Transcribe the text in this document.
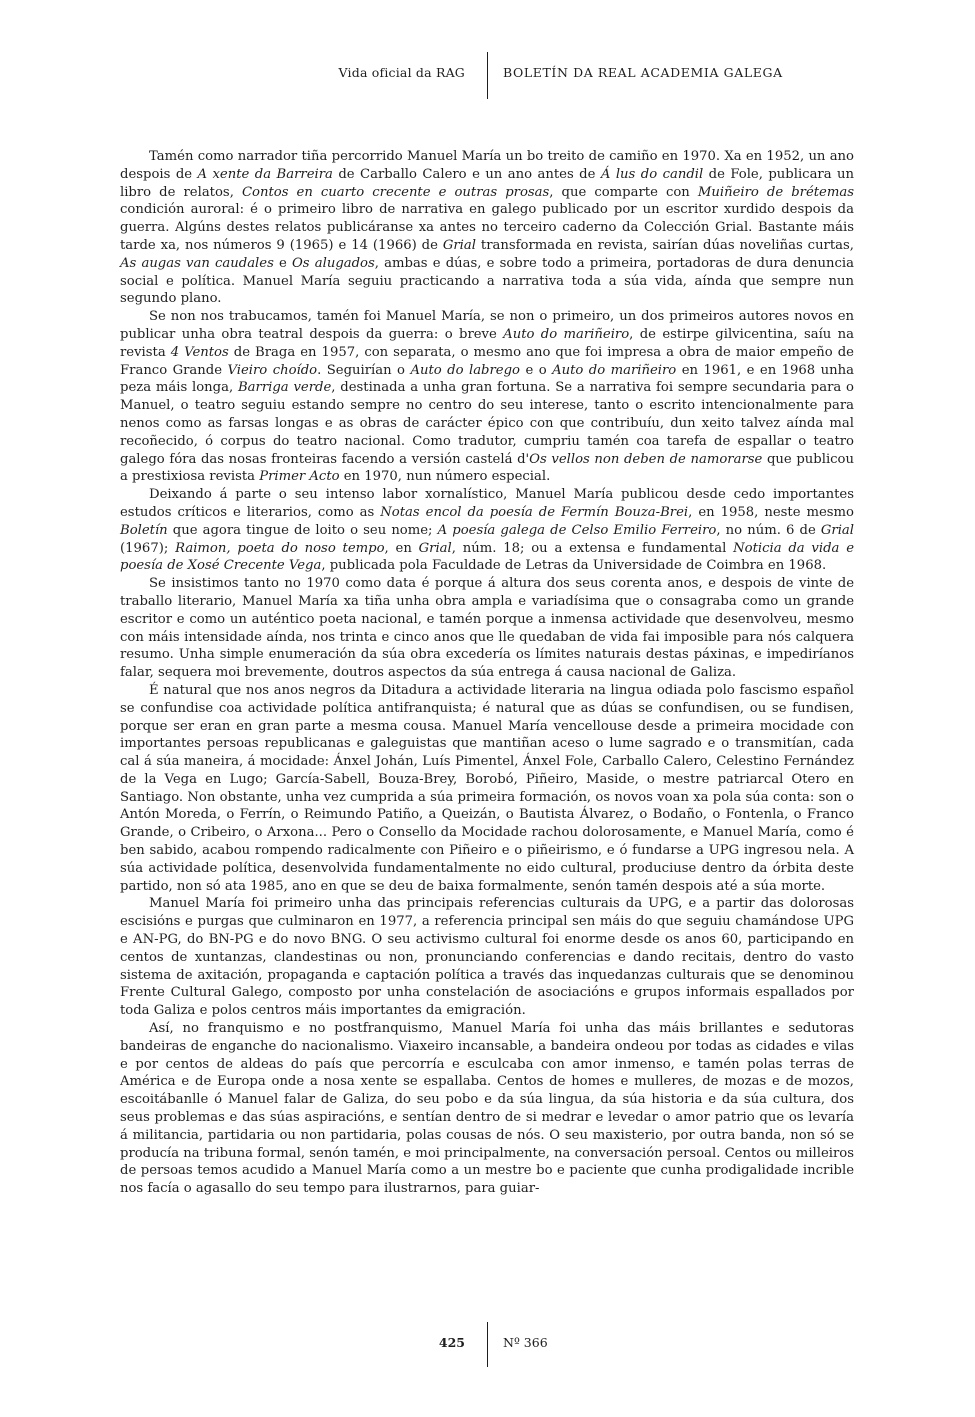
Vida oficial da RAG	BOLETÍN DA REAL ACADEMIA GALEGA

Tamén como narrador tiña percorrido Manuel María un bo treito de camiño en 1970. Xa en 1952, un ano despois de A xente da Barreira de Carballo Calero e un ano antes de Á lus do candil de Fole, publicara un libro de relatos, Contos en cuarto crecente e outras prosas, que comparte con Muiñeiro de brétemas condición auroral: é o primeiro libro de narrativa en galego publicado por un escritor xurdido despois da guerra. Algúns destes relatos publicáranse xa antes no terceiro caderno da Colección Grial. Bastante máis tarde xa, nos números 9 (1965) e 14 (1966) de Grial transformada en revista, sairían dúas noveliñas curtas, As augas van caudales e Os alugados, ambas e dúas, e sobre todo a primeira, portadoras de dura denuncia social e política. Manuel María seguiu practicando a narrativa toda a súa vida, aínda que sempre nun segundo plano.

Se non nos trabucamos, tamén foi Manuel María, se non o primeiro, un dos primeiros autores novos en publicar unha obra teatral despois da guerra: o breve Auto do mariñeiro, de estirpe gilvicentina, saíu na revista 4 Ventos de Braga en 1957, con separata, o mesmo ano que foi impresa a obra de maior empeño de Franco Grande Vieiro choído. Seguirían o Auto do labrego e o Auto do mariñeiro en 1961, e en 1968 unha peza máis longa, Barriga verde, destinada a unha gran fortuna. Se a narrativa foi sempre secundaria para o Manuel, o teatro seguiu estando sempre no centro do seu interese, tanto o escrito intencionalmente para nenos como as farsas longas e as obras de carácter épico con que contribuíu, dun xeito talvez aínda mal recoñecido, ó corpus do teatro nacional. Como tradutor, cumpriu tamén coa tarefa de espallar o teatro galego fóra das nosas fronteiras facendo a versión castelá d'Os vellos non deben de namorarse que publicou a prestixiosa revista Primer Acto en 1970, nun número especial.

Deixando á parte o seu intenso labor xornalístico, Manuel María publicou desde cedo importantes estudos críticos e literarios, como as Notas encol da poesía de Fermín Bouza-Brei, en 1958, neste mesmo Boletín que agora tingue de loito o seu nome; A poesía galega de Celso Emilio Ferreiro, no núm. 6 de Grial (1967); Raimon, poeta do noso tempo, en Grial, núm. 18; ou a extensa e fundamental Noticia da vida e poesía de Xosé Crecente Vega, publicada pola Faculdade de Letras da Universidade de Coimbra en 1968.

Se insistimos tanto no 1970 como data é porque á altura dos seus corenta anos, e despois de vinte de traballo literario, Manuel María xa tiña unha obra ampla e variadísima que o consagraba como un grande escritor e como un auténtico poeta nacional, e tamén porque a inmensa actividade que desenvolveu, mesmo con máis intensidade aínda, nos trinta e cinco anos que lle quedaban de vida fai imposible para nós calquera resumo. Unha simple enumeración da súa obra excedería os límites naturais destas páxinas, e impediríanos falar, sequera moi brevemente, doutros aspectos da súa entrega á causa nacional de Galiza.

É natural que nos anos negros da Ditadura a actividade literaria na lingua odiada polo fascismo español se confundise coa actividade política antifranquista; é natural que as dúas se confundisen, ou se fundisen, porque ser eran en gran parte a mesma cousa. Manuel María vencellouse desde a primeira mocidade con importantes persoas republicanas e galeguistas que mantiñan aceso o lume sagrado e o transmitían, cada cal á súa maneira, á mocidade: Ánxel Johán, Luís Pimentel, Ánxel Fole, Carballo Calero, Celestino Fernández de la Vega en Lugo; García-Sabell, Bouza-Brey, Borobó, Piñeiro, Maside, o mestre patriarcal Otero en Santiago. Non obstante, unha vez cumprida a súa primeira formación, os novos voan xa pola súa conta: son o Antón Moreda, o Ferrín, o Reimundo Patiño, a Queizán, o Bautista Álvarez, o Bodaño, o Fontenla, o Franco Grande, o Cribeiro, o Arxona... Pero o Consello da Mocidade rachou dolorosamente, e Manuel María, como é ben sabido, acabou rompendo radicalmente con Piñeiro e o piñeirismo, e ó fundarse a UPG ingresou nela. A súa actividade política, desenvolvida fundamentalmente no eido cultural, produciuse dentro da órbita deste partido, non só ata 1985, ano en que se deu de baixa formalmente, senón tamén despois até a súa morte.

Manuel María foi primeiro unha das principais referencias culturais da UPG, e a partir das dolorosas escisións e purgas que culminaron en 1977, a referencia principal sen máis do que seguiu chamándose UPG e AN-PG, do BN-PG e do novo BNG. O seu activismo cultural foi enorme desde os anos 60, participando en centos de xuntanzas, clandestinas ou non, pronunciando conferencias e dando recitais, dentro do vasto sistema de axitación, propaganda e captación política a través das inquedanzas culturais que se denominou Frente Cultural Galego, composto por unha constelación de asociacións e grupos informais espallados por toda Galiza e polos centros máis importantes da emigración.

Así, no franquismo e no postfranquismo, Manuel María foi unha das máis brillantes e sedutoras bandeiras de enganche do nacionalismo. Viaxeiro incansable, a bandeira ondeou por todas as cidades e vilas e por centos de aldeas do país que percorría e esculcaba con amor inmenso, e tamén polas terras de América e de Europa onde a nosa xente se espallaba. Centos de homes e mulleres, de mozas e de mozos, escoitábanlle ó Manuel falar de Galiza, do seu pobo e da súa lingua, da súa historia e da súa cultura, dos seus problemas e das súas aspiracións, e sentían dentro de si medrar e levedar o amor patrio que os levaría á militancia, partidaria ou non partidaria, polas cousas de nós. O seu maxisterio, por outra banda, non só se producía na tribuna formal, senón tamén, e moi principalmente, na conversación persoal. Centos ou milleiros de persoas temos acudido a Manuel María como a un mestre bo e paciente que cunha prodigalidade incrible nos facía o agasallo do seu tempo para ilustrarnos, para guiar-

425	Nº 366
